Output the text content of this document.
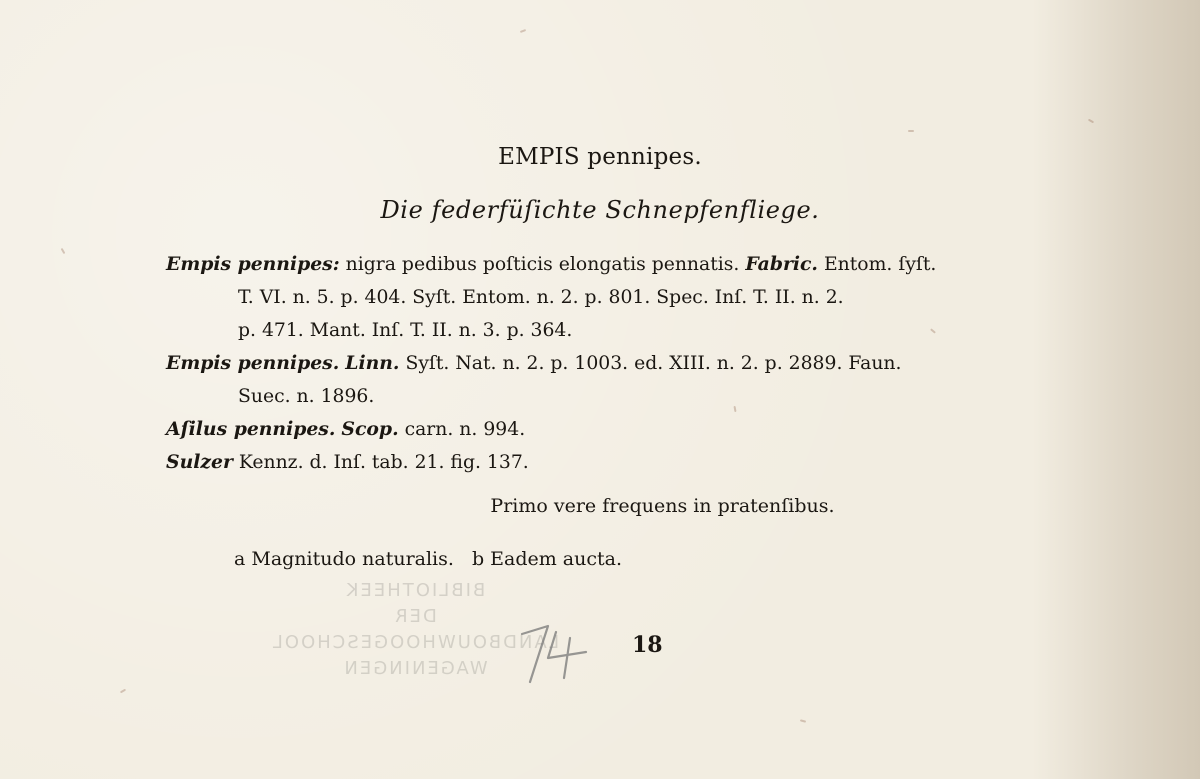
EMPIS pennipes.
Die federfüſichte Schnepfenfliege.
Empis pennipes: nigra pedibus poſticis elongatis pennatis. Fabric. Entom. ſyſt.
T. VI. n. 5. p. 404. Syſt. Entom. n. 2. p. 801. Spec. Inſ. T. II. n. 2.
p. 471. Mant. Inſ. T. II. n. 3. p. 364.
Empis pennipes. Linn. Syſt. Nat. n. 2. p. 1003. ed. XIII. n. 2. p. 2889. Faun.
Suec. n. 1896.
Aſilus pennipes. Scop. carn. n. 994.
Sulzer Kennz. d. Inſ. tab. 21. fig. 137.
Primo vere frequens in pratenſibus.
a Magnitudo naturalis. b Eadem aucta.
BIBLIOTHEEK
DER
LANDBOUWHOOGESCHOOL
WAGENINGEN
18
